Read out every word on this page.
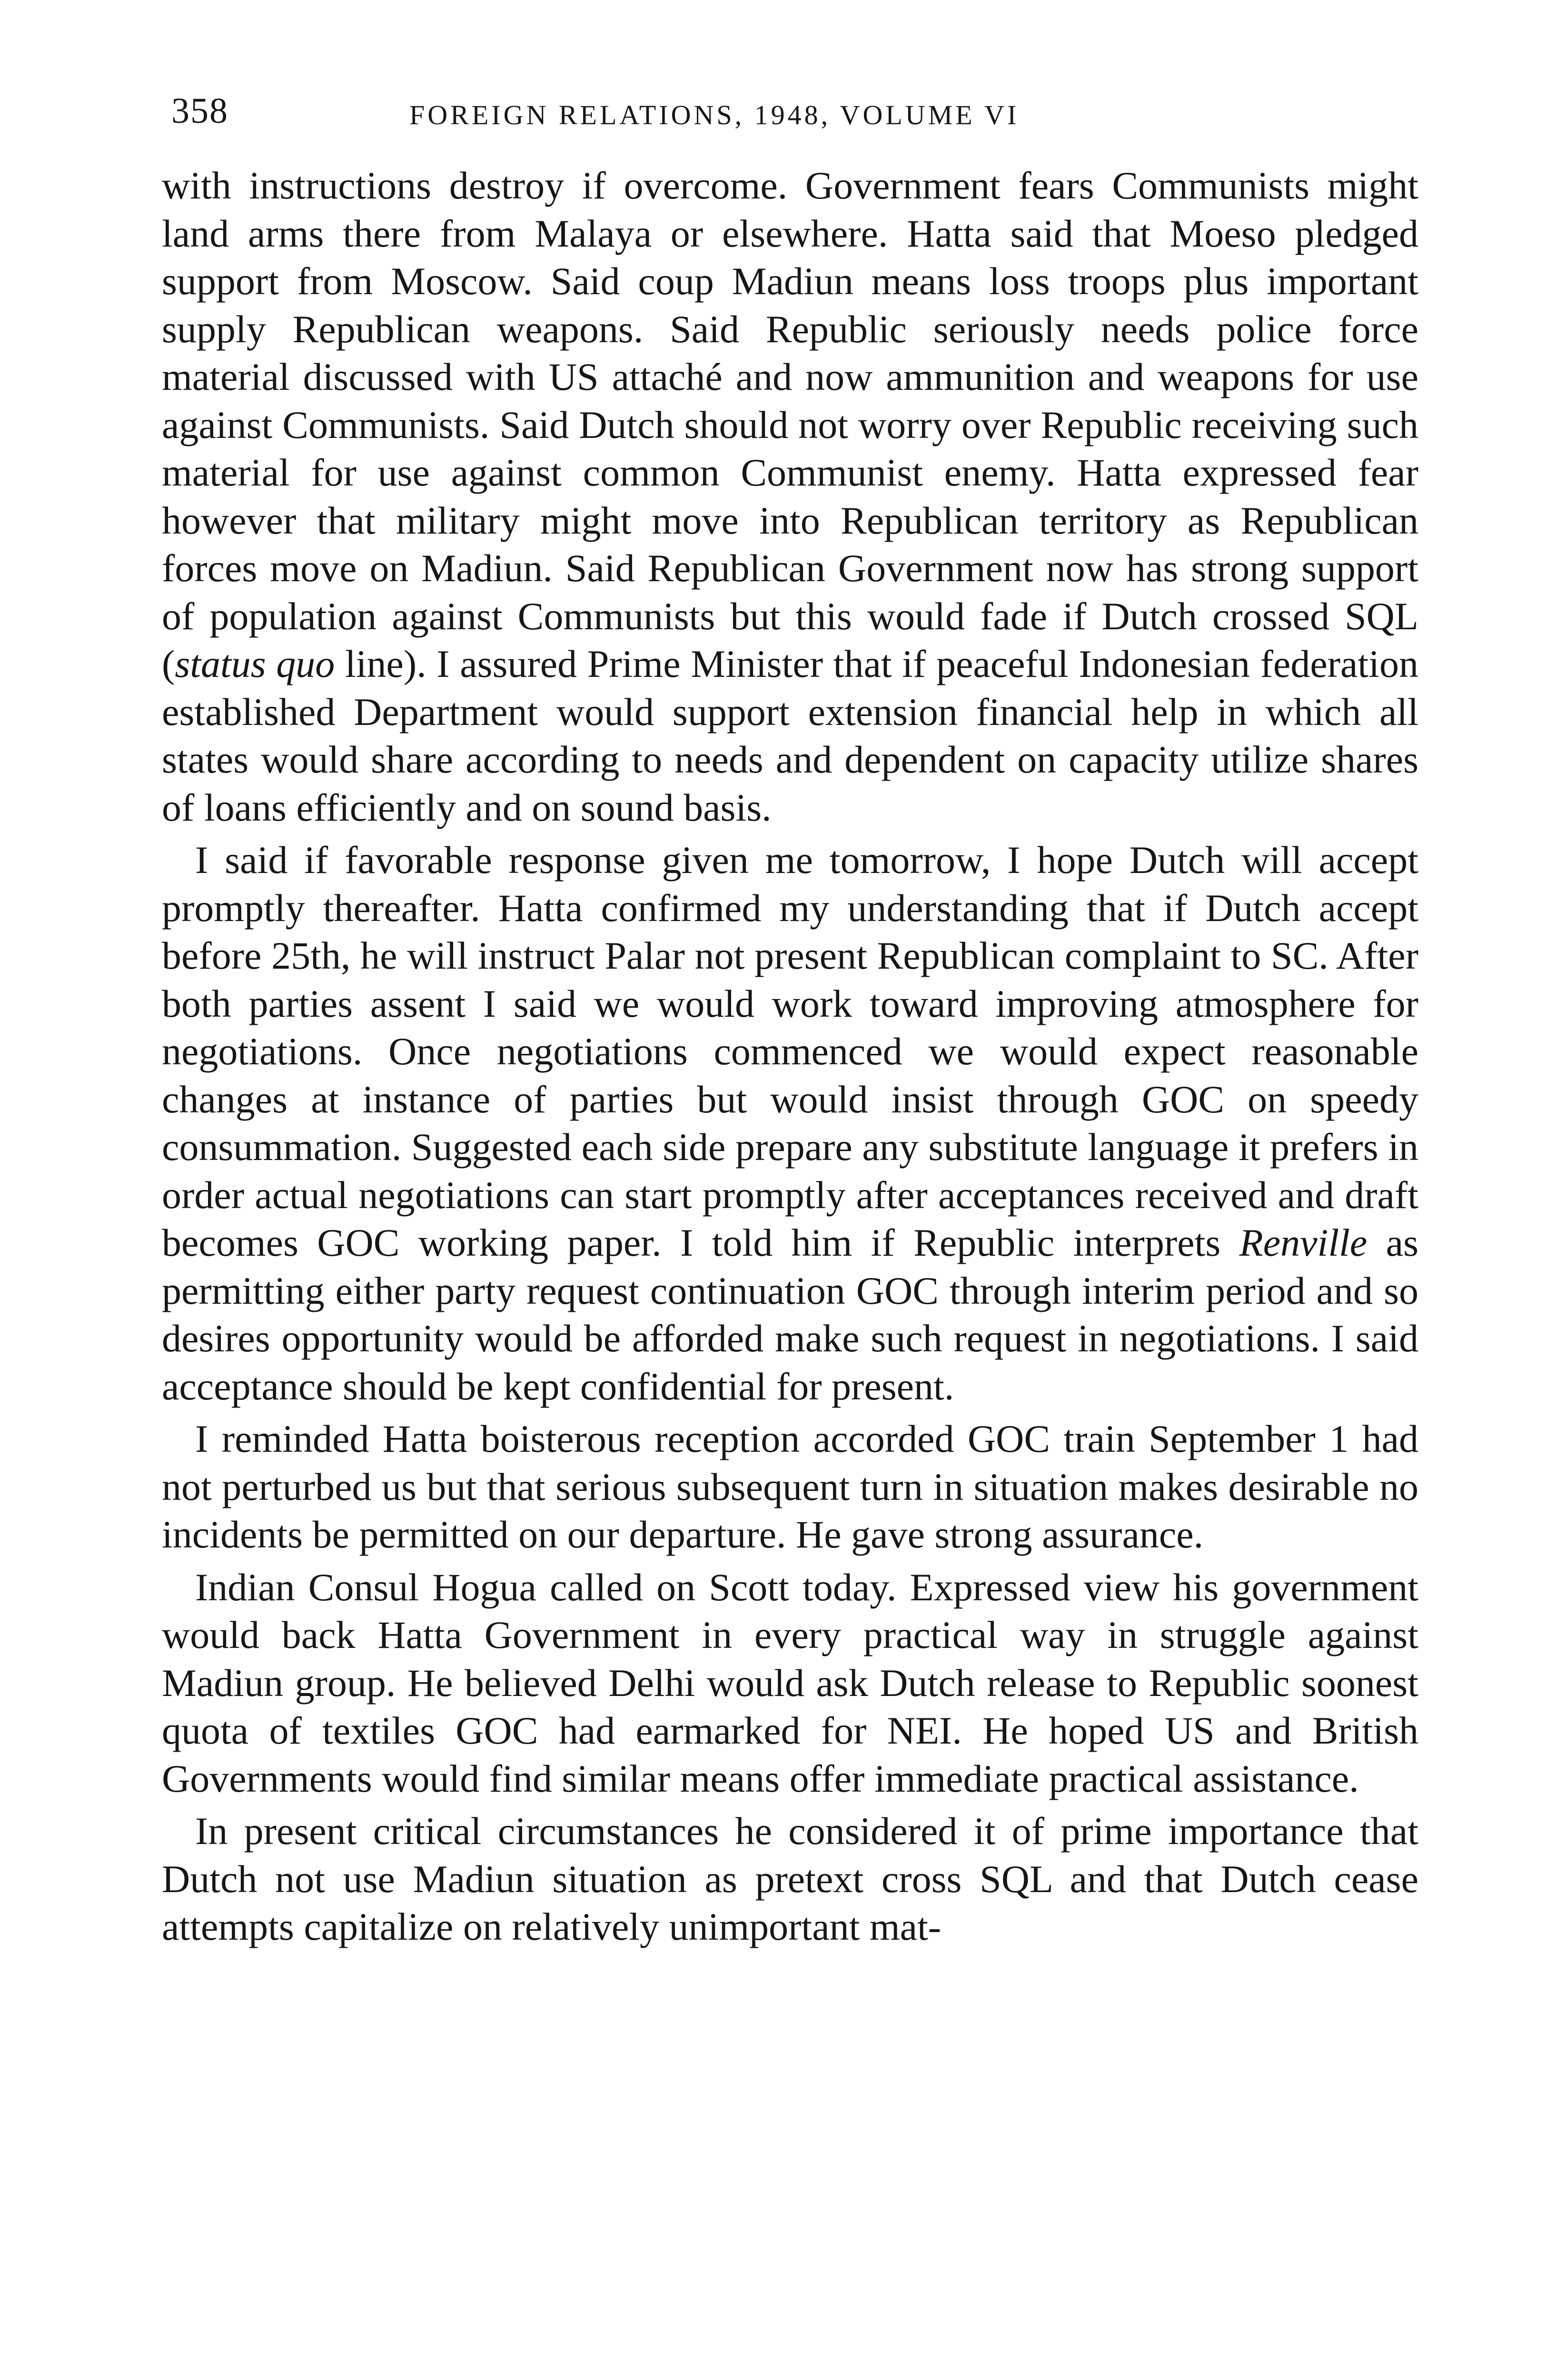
358	FOREIGN RELATIONS, 1948, VOLUME VI

with instructions destroy if overcome. Government fears Communists might land arms there from Malaya or elsewhere. Hatta said that Moeso pledged support from Moscow. Said coup Madiun means loss troops plus important supply Republican weapons. Said Republic seriously needs police force material discussed with US attaché and now ammunition and weapons for use against Communists. Said Dutch should not worry over Republic receiving such material for use against common Communist enemy. Hatta expressed fear however that military might move into Republican territory as Republican forces move on Madiun. Said Republican Government now has strong support of population against Communists but this would fade if Dutch crossed SQL (status quo line). I assured Prime Minister that if peaceful Indonesian federation established Department would support extension financial help in which all states would share according to needs and dependent on capacity utilize shares of loans efficiently and on sound basis.

I said if favorable response given me tomorrow, I hope Dutch will accept promptly thereafter. Hatta confirmed my understanding that if Dutch accept before 25th, he will instruct Palar not present Republican complaint to SC. After both parties assent I said we would work toward improving atmosphere for negotiations. Once negotiations commenced we would expect reasonable changes at instance of parties but would insist through GOC on speedy consummation. Suggested each side prepare any substitute language it prefers in order actual negotiations can start promptly after acceptances received and draft becomes GOC working paper. I told him if Republic interprets Renville as permitting either party request continuation GOC through interim period and so desires opportunity would be afforded make such request in negotiations. I said acceptance should be kept confidential for present.

I reminded Hatta boisterous reception accorded GOC train September 1 had not perturbed us but that serious subsequent turn in situation makes desirable no incidents be permitted on our departure. He gave strong assurance.

Indian Consul Hogua called on Scott today. Expressed view his government would back Hatta Government in every practical way in struggle against Madiun group. He believed Delhi would ask Dutch release to Republic soonest quota of textiles GOC had earmarked for NEI. He hoped US and British Governments would find similar means offer immediate practical assistance.

In present critical circumstances he considered it of prime importance that Dutch not use Madiun situation as pretext cross SQL and that Dutch cease attempts capitalize on relatively unimportant mat-
